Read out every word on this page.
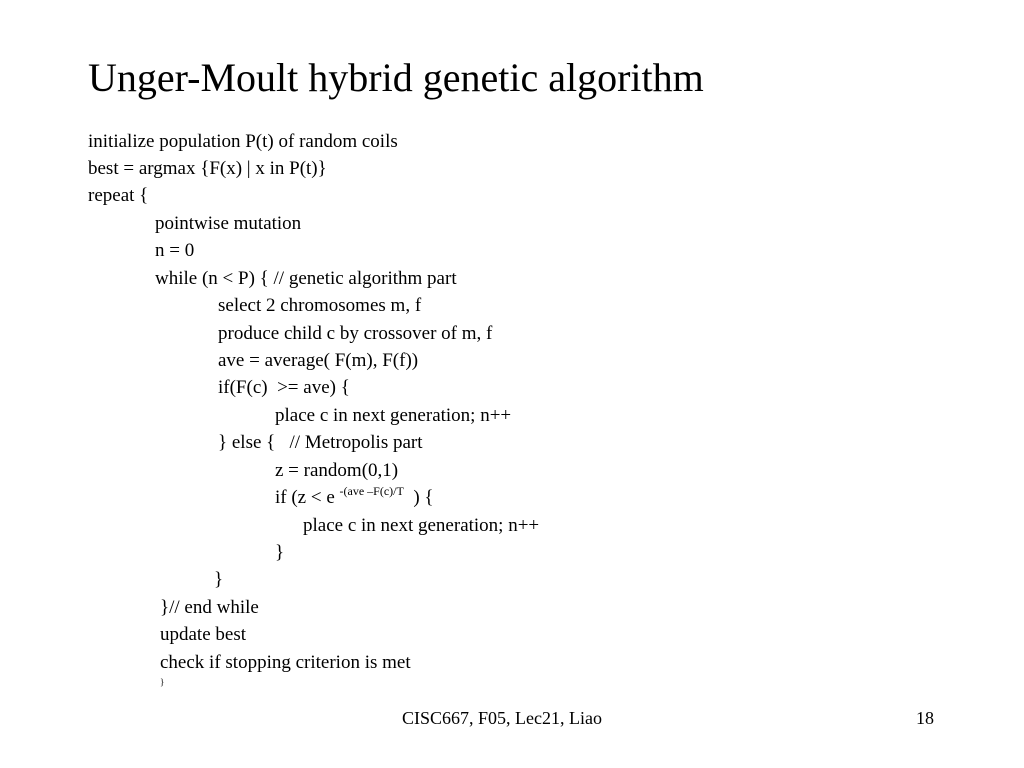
Unger-Moult hybrid genetic algorithm
initialize population P(t) of random coils
best = argmax {F(x) | x in P(t)}
repeat {
pointwise mutation
n = 0
while (n < P) { // genetic algorithm part
select 2 chromosomes m, f
produce child c by crossover of m, f
ave = average( F(m), F(f))
if(F(c)  >= ave) {
place c in next generation; n++
} else {   // Metropolis part
z = random(0,1)
if (z < e $^{-(ave -F(c)/T}$  ) {
place c in next generation; n++
}
}
}// end while
update best
check if stopping criterion is met
}
CISC667, F05, Lec21, Liao	18
